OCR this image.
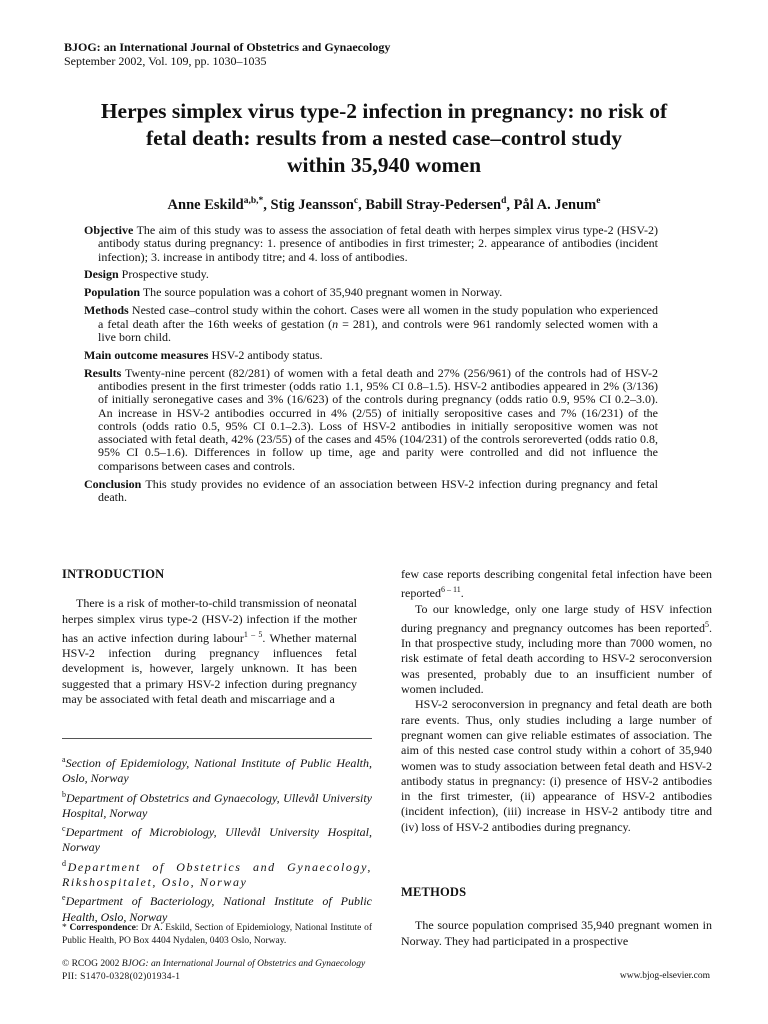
BJOG: an International Journal of Obstetrics and Gynaecology
September 2002, Vol. 109, pp. 1030–1035
Herpes simplex virus type-2 infection in pregnancy: no risk of
fetal death: results from a nested case–control study
within 35,940 women
Anne Eskild$^{a,b,*}$, Stig Jeansson$^c$, Babill Stray-Pedersen$^d$, Pål A. Jenum$^e$
Objective The aim of this study was to assess the association of fetal death with herpes simplex virus type-2 (HSV-2) antibody status during pregnancy: 1. presence of antibodies in first trimester; 2. appearance of antibodies (incident infection); 3. increase in antibody titre; and 4. loss of antibodies.
Design Prospective study.
Population The source population was a cohort of 35,940 pregnant women in Norway.
Methods Nested case–control study within the cohort. Cases were all women in the study population who experienced a fetal death after the 16th weeks of gestation (n = 281), and controls were 961 randomly selected women with a live born child.
Main outcome measures HSV-2 antibody status.
Results Twenty-nine percent (82/281) of women with a fetal death and 27% (256/961) of the controls had of HSV-2 antibodies present in the first trimester (odds ratio 1.1, 95% CI 0.8–1.5). HSV-2 antibodies appeared in 2% (3/136) of initially seronegative cases and 3% (16/623) of the controls during pregnancy (odds ratio 0.9, 95% CI 0.2–3.0). An increase in HSV-2 antibodies occurred in 4% (2/55) of initially seropositive cases and 7% (16/231) of the controls (odds ratio 0.5, 95% CI 0.1–2.3). Loss of HSV-2 antibodies in initially seropositive women was not associated with fetal death, 42% (23/55) of the cases and 45% (104/231) of the controls seroreverted (odds ratio 0.8, 95% CI 0.5–1.6). Differences in follow up time, age and parity were controlled and did not influence the comparisons between cases and controls.
Conclusion This study provides no evidence of an association between HSV-2 infection during pregnancy and fetal death.
INTRODUCTION

There is a risk of mother-to-child transmission of neonatal herpes simplex virus type-2 (HSV-2) infection if the mother has an active infection during labour$^{1 - 5}$. Whether maternal HSV-2 infection during pregnancy influences fetal development is, however, largely unknown. It has been suggested that a primary HSV-2 infection during pregnancy may be associated with fetal death and miscarriage and a

$^a$Section of Epidemiology, National Institute of Public Health, Oslo, Norway
$^b$Department of Obstetrics and Gynaecology, Ullevål University Hospital, Norway
$^c$Department of Microbiology, Ullevål University Hospital, Norway
$^d$Department of Obstetrics and Gynaecology, Rikshospitalet, Oslo, Norway
$^e$Department of Bacteriology, National Institute of Public Health, Oslo, Norway
* Correspondence: Dr A. Eskild, Section of Epidemiology, National Institute of Public Health, PO Box 4404 Nydalen, 0403 Oslo, Norway.

few case reports describing congenital fetal infection have been reported$^{6 - 11}$.

To our knowledge, only one large study of HSV infection during pregnancy and pregnancy outcomes has been reported$^5$. In that prospective study, including more than 7000 women, no risk estimate of fetal death according to HSV-2 seroconversion was presented, probably due to an insufficient number of women included.

HSV-2 seroconversion in pregnancy and fetal death are both rare events. Thus, only studies including a large number of pregnant women can give reliable estimates of association. The aim of this nested case control study within a cohort of 35,940 women was to study association between fetal death and HSV-2 antibody status in pregnancy: (i) presence of HSV-2 antibodies in the first trimester, (ii) appearance of HSV-2 antibodies (incident infection), (iii) increase in HSV-2 antibody titre and (iv) loss of HSV-2 antibodies during pregnancy.

METHODS

The source population comprised 35,940 pregnant women in Norway. They had participated in a prospective

© RCOG 2002 BJOG: an International Journal of Obstetrics and Gynaecology
PII: S1470-0328(02)01934-1	www.bjog-elsevier.com
